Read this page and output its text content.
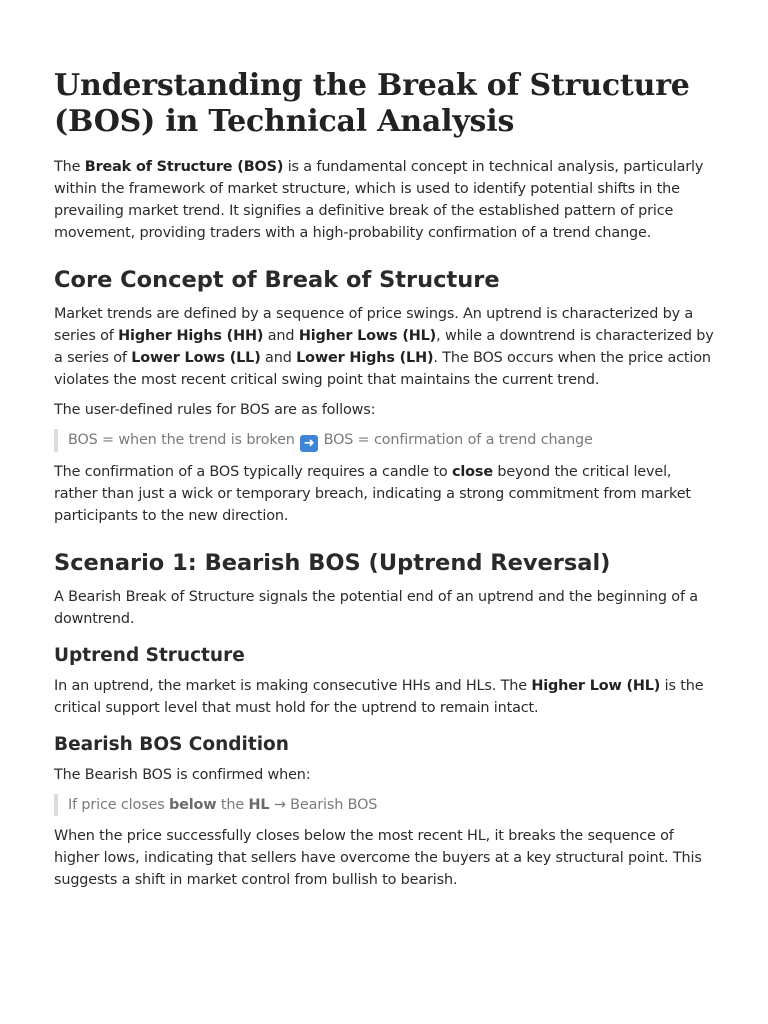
Understanding the Break of Structure (BOS) in Technical Analysis

The Break of Structure (BOS) is a fundamental concept in technical analysis, particularly within the framework of market structure, which is used to identify potential shifts in the prevailing market trend. It signifies a definitive break of the established pattern of price movement, providing traders with a high-probability confirmation of a trend change.

Core Concept of Break of Structure

Market trends are defined by a sequence of price swings. An uptrend is characterized by a series of Higher Highs (HH) and Higher Lows (HL), while a downtrend is characterized by a series of Lower Lows (LL) and Lower Highs (LH). The BOS occurs when the price action violates the most recent critical swing point that maintains the current trend.

The user-defined rules for BOS are as follows:

BOS = when the trend is broken ➜ BOS = confirmation of a trend change

The confirmation of a BOS typically requires a candle to close beyond the critical level, rather than just a wick or temporary breach, indicating a strong commitment from market participants to the new direction.

Scenario 1: Bearish BOS (Uptrend Reversal)

A Bearish Break of Structure signals the potential end of an uptrend and the beginning of a downtrend.

Uptrend Structure

In an uptrend, the market is making consecutive HHs and HLs. The Higher Low (HL) is the critical support level that must hold for the uptrend to remain intact.

Bearish BOS Condition

The Bearish BOS is confirmed when:

If price closes below the HL → Bearish BOS

When the price successfully closes below the most recent HL, it breaks the sequence of higher lows, indicating that sellers have overcome the buyers at a key structural point. This suggests a shift in market control from bullish to bearish.
